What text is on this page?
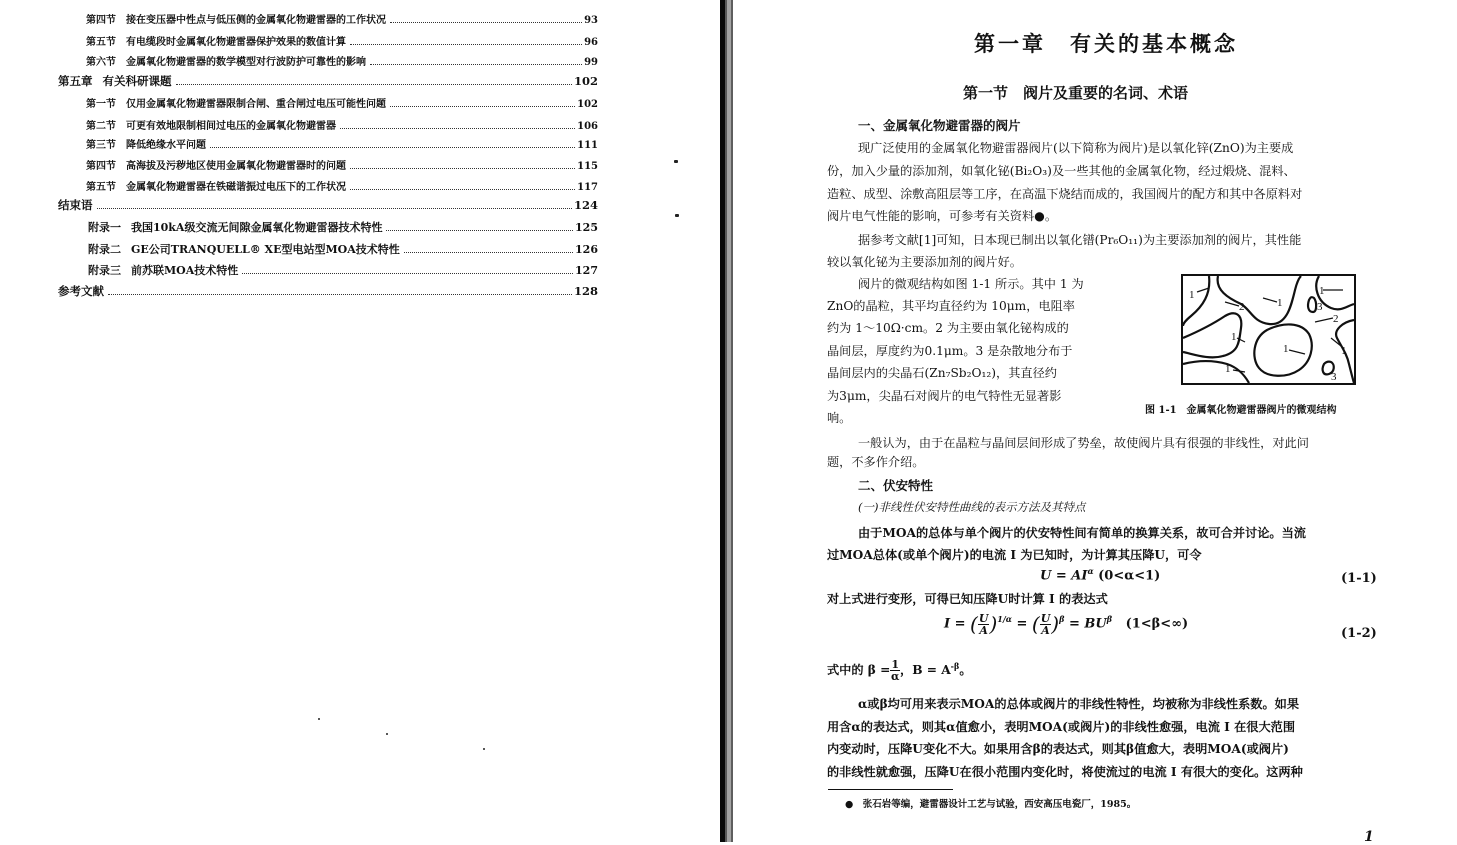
第四节 接在变压器中性点与低压侧的金属氧化物避雷器的工作状况	93
第五节 有电缆段时金属氧化物避雷器保护效果的数值计算	96
第六节 金属氧化物避雷器的数学模型对行波防护可靠性的影响	99
第五章 有关科研课题	102
第一节 仅用金属氧化物避雷器限制合闸、重合闸过电压可能性问题	102
第二节 可更有效地限制相间过电压的金属氧化物避雷器	106
第三节 降低绝缘水平问题	111
第四节 高海拔及污秽地区使用金属氧化物避雷器时的问题	115
第五节 金属氧化物避雷器在铁磁谐振过电压下的工作状况	117
结束语	124
附录一 我国10kA级交流无间隙金属氧化物避雷器技术特性	125
附录二 GE公司TRANQUELL® XE型电站型MOA技术特性	126
附录三 前苏联MOA技术特性	127
参考文献	128
第一章　有关的基本概念
第一节　阀片及重要的名词、术语
一、金属氧化物避雷器的阀片
现广泛使用的金属氧化物避雷器阀片(以下简称为阀片)是以氧化锌(ZnO)为主要成
份，加入少量的添加剂，如氧化铋(Bi₂O₃)及一些其他的金属氧化物，经过煅烧、混料、
造粒、成型、涂敷高阻层等工序，在高温下烧结而成的，我国阀片的配方和其中各原料对
阀片电气性能的影响，可参考有关资料●。
据参考文献[1]可知，日本现已制出以氧化镨(Pr₆O₁₁)为主要添加剂的阀片，其性能
较以氧化铋为主要添加剂的阀片好。
阀片的微观结构如图 1-1 所示。其中 1 为
ZnO的晶粒，其平均直径约为 10μm，电阻率
约为 1～10Ω·cm。2 为主要由氧化铋构成的
晶间层，厚度约为0.1μm。3 是杂散地分布于
晶间层内的尖晶石(Zn₇Sb₂O₁₂)，其直径约
为3μm，尖晶石对阀片的电气特性无显著影
响。
1
2	1
1
3
2
1
1
1
1
3
图 1-1　金属氧化物避雷器阀片的微观结构
一般认为，由于在晶粒与晶间层间形成了势垒，故使阀片具有很强的非线性，对此问
题，不多作介绍。
二、伏安特性
(一)非线性伏安特性曲线的表示方法及其特点
由于MOA的总体与单个阀片的伏安特性间有简单的换算关系，故可合并讨论。当流
过MOA总体(或单个阀片)的电流 I 为已知时，为计算其压降U，可令
$U = AI^\alpha$ (0<α<1)	(1-1)
对上式进行变形，可得已知压降U时计算 I 的表达式
I = ( $\frac{U}{A} )^{1/\alpha}$ = ( $\frac{U}{A} )^\beta = BU^\beta$ (1<β<∞)
(1-2)
式中的 $\beta = \frac{1}{\alpha}$ ，$B = A^{-\beta}$。
α或β均可用来表示MOA的总体或阀片的非线性特性，均被称为非线性系数。如果
用含α的表达式，则其α值愈小，表明MOA(或阀片)的非线性愈强，电流 I 在很大范围
内变动时，压降U变化不大。如果用含β的表达式，则其β值愈大，表明MOA(或阀片)
的非线性就愈强，压降U在很小范围内变化时，将使流过的电流 I 有很大的变化。这两种
●　张石岩等编，避雷器设计工艺与试验，西安高压电瓷厂，1985。
1
